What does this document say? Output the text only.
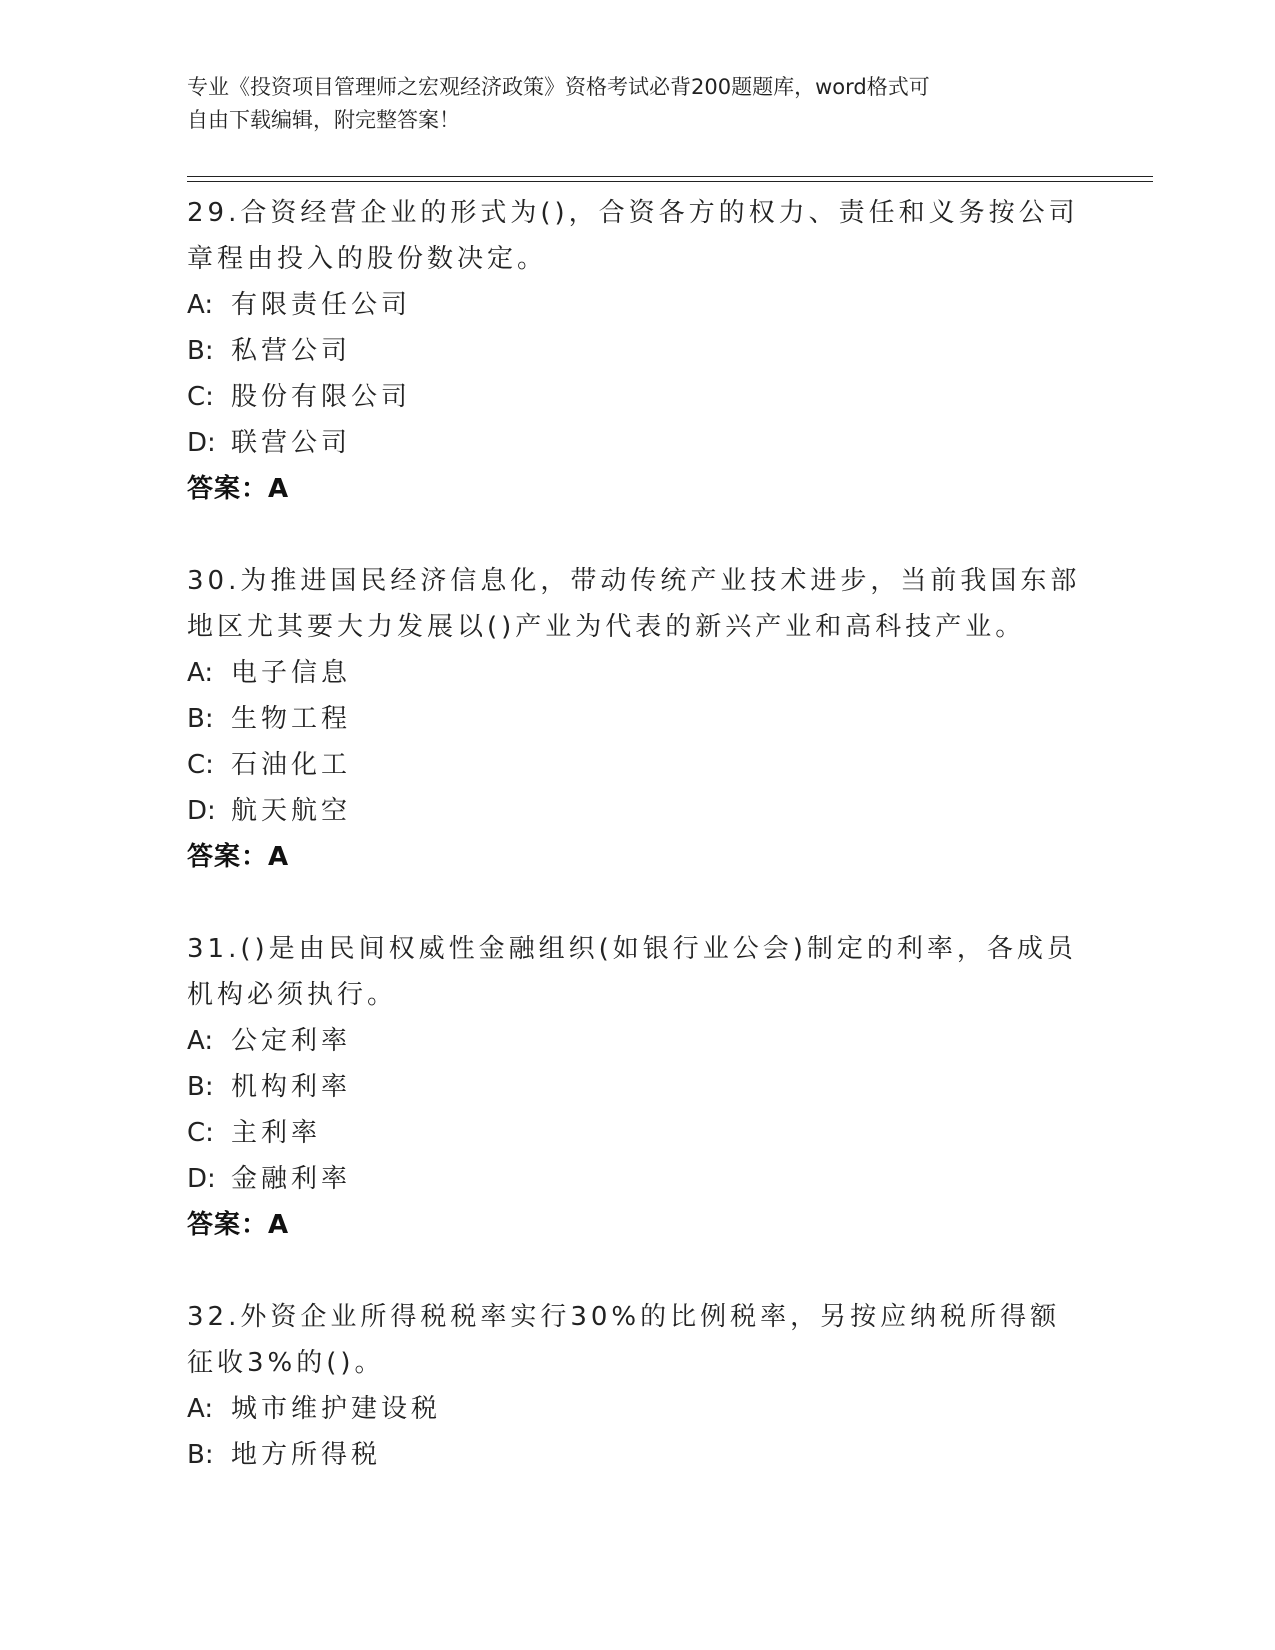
专业《投资项目管理师之宏观经济政策》资格考试必背200题题库，word格式可
自由下载编辑，附完整答案！
29.合资经营企业的形式为()，合资各方的权力、责任和义务按公司章程由投入的股份数决定。
A: 有限责任公司
B: 私营公司
C: 股份有限公司
D: 联营公司
答案：A
30.为推进国民经济信息化，带动传统产业技术进步，当前我国东部地区尤其要大力发展以()产业为代表的新兴产业和高科技产业。
A: 电子信息
B: 生物工程
C: 石油化工
D: 航天航空
答案：A
31.()是由民间权威性金融组织(如银行业公会)制定的利率，各成员机构必须执行。
A: 公定利率
B: 机构利率
C: 主利率
D: 金融利率
答案：A
32.外资企业所得税税率实行30%的比例税率，另按应纳税所得额征收3%的()。
A: 城市维护建设税
B: 地方所得税
